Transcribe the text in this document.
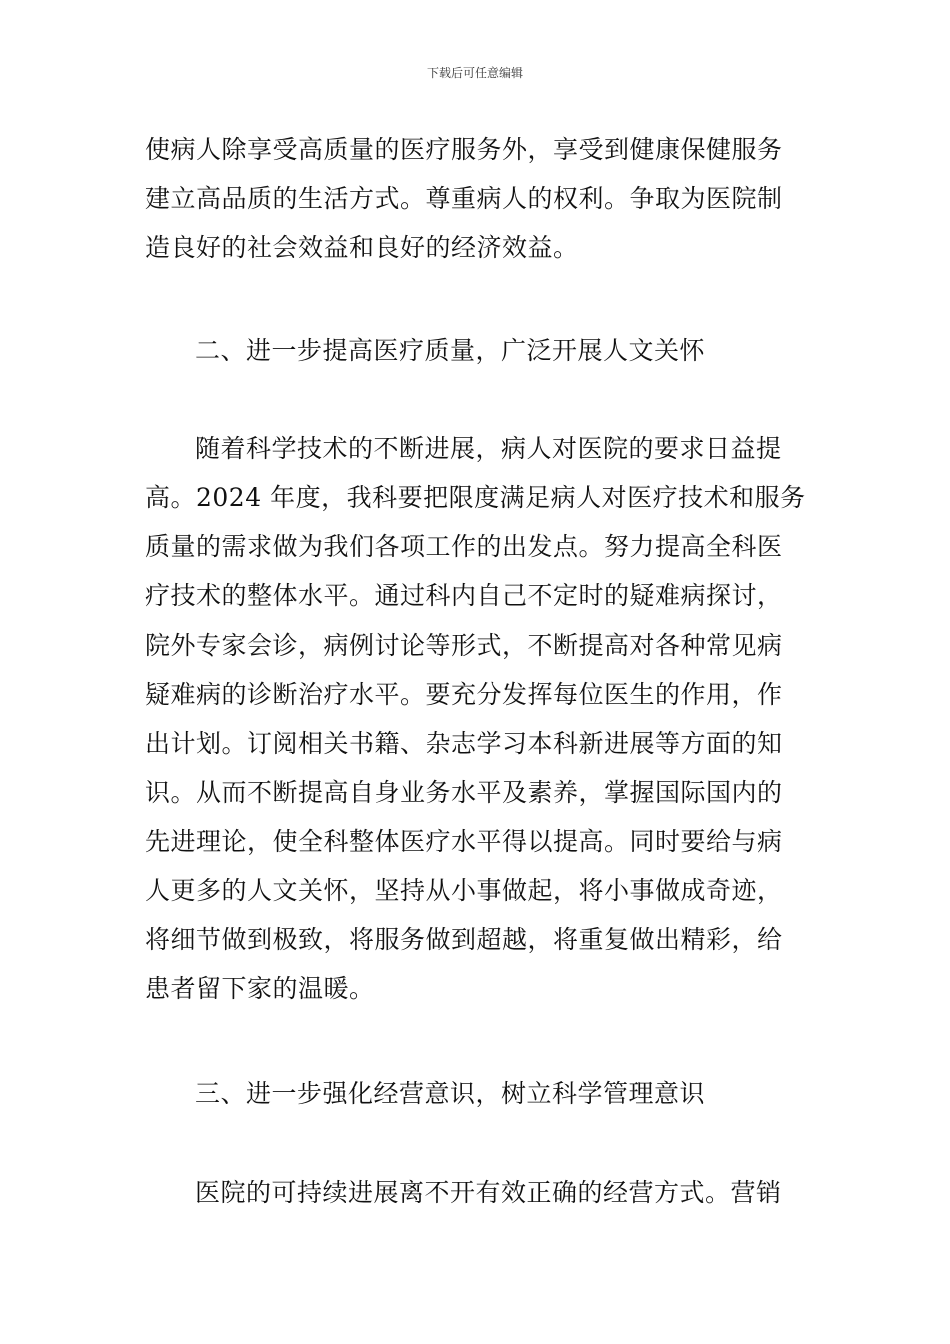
下载后可任意编辑
使病人除享受高质量的医疗服务外，享受到健康保健服务
建立高品质的生活方式。尊重病人的权利。争取为医院制
造良好的社会效益和良好的经济效益。
二、进一步提高医疗质量，广泛开展人文关怀
随着科学技术的不断进展，病人对医院的要求日益提
高。2024 年度，我科要把限度满足病人对医疗技术和服务
质量的需求做为我们各项工作的出发点。努力提高全科医
疗技术的整体水平。通过科内自己不定时的疑难病探讨，
院外专家会诊，病例讨论等形式，不断提高对各种常见病
疑难病的诊断治疗水平。要充分发挥每位医生的作用，作
出计划。订阅相关书籍、杂志学习本科新进展等方面的知
识。从而不断提高自身业务水平及素养，掌握国际国内的
先进理论，使全科整体医疗水平得以提高。同时要给与病
人更多的人文关怀，坚持从小事做起，将小事做成奇迹，
将细节做到极致，将服务做到超越，将重复做出精彩，给
患者留下家的温暖。
三、进一步强化经营意识，树立科学管理意识
医院的可持续进展离不开有效正确的经营方式。营销
